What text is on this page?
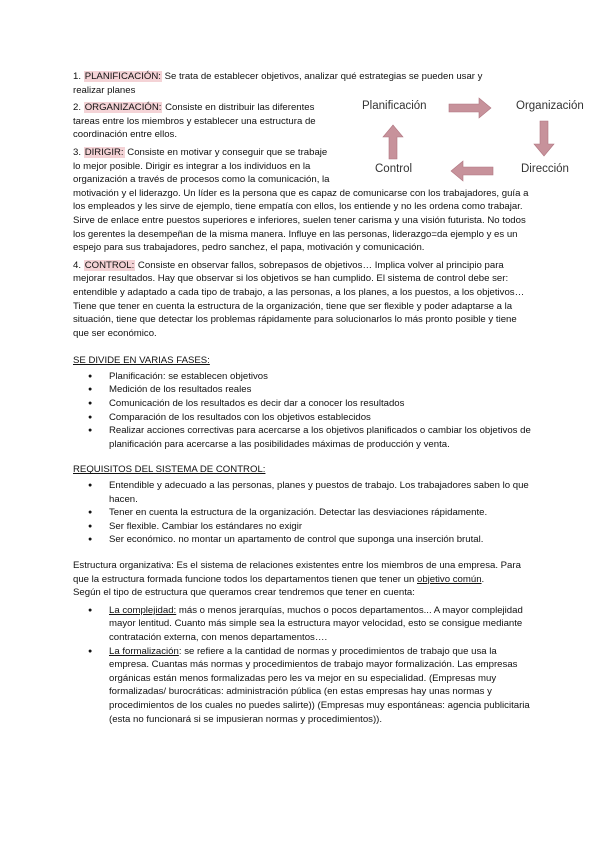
Planificación	Organización
Dirección
Control

1. PLANIFICACIÓN: Se trata de establecer objetivos, analizar qué estrategias se pueden usar y
realizar planes

2. ORGANIZACIÓN: Consiste en distribuir las diferentes
tareas entre los miembros y establecer una estructura de
coordinación entre ellos.

3. DIRIGIR: Consiste en motivar y conseguir que se trabaje
lo mejor posible. Dirigir es integrar a los individuos en la
organización a través de procesos como la comunicación, la
motivación y el liderazgo. Un líder es la persona que es capaz de comunicarse con los trabajadores, guía a los empleados y les sirve de ejemplo, tiene empatía con ellos, los entiende y no les ordena como trabajar. Sirve de enlace entre puestos superiores e inferiores, suelen tener carisma y una visión futurista. No todos los gerentes la desempeñan de la misma manera. Influye en las personas, liderazgo=da ejemplo y es un espejo para sus trabajadores, pedro sanchez, el papa, motivación y comunicación.

4. CONTROL: Consiste en observar fallos, sobrepasos de objetivos… Implica volver al principio para mejorar resultados. Hay que observar si los objetivos se han cumplido. El sistema de control debe ser: entendible y adaptado a cada tipo de trabajo, a las personas, a los planes, a los puestos, a los objetivos… Tiene que tener en cuenta la estructura de la organización, tiene que ser flexible y poder adaptarse a la situación, tiene que detectar los problemas rápidamente para solucionarlos lo más pronto posible y tiene que ser económico.

SE DIVIDE EN VARIAS FASES:

● Planificación: se establecen objetivos
● Medición de los resultados reales
● Comunicación de los resultados es decir dar a conocer los resultados
● Comparación de los resultados con los objetivos establecidos
● Realizar acciones correctivas para acercarse a los objetivos planificados o cambiar los objetivos de planificación para acercarse a las posibilidades máximas de producción y venta.

REQUISITOS DEL SISTEMA DE CONTROL:

● Entendible y adecuado a las personas, planes y puestos de trabajo. Los trabajadores saben lo que hacen.
● Tener en cuenta la estructura de la organización. Detectar las desviaciones rápidamente.
● Ser flexible. Cambiar los estándares no exigir
● Ser económico. no montar un apartamento de control que suponga una inserción brutal.

Estructura organizativa: Es el sistema de relaciones existentes entre los miembros de una empresa. Para que la estructura formada funcione todos los departamentos tienen que tener un objetivo común.
Según el tipo de estructura que queramos crear tendremos que tener en cuenta:

● La complejidad: más o menos jerarquías, muchos o pocos departamentos... A mayor complejidad mayor lentitud. Cuanto más simple sea la estructura mayor velocidad, esto se consigue mediante contratación externa, con menos departamentos….
● La formalización: se refiere a la cantidad de normas y procedimientos de trabajo que usa la empresa. Cuantas más normas y procedimientos de trabajo mayor formalización. Las empresas orgánicas están menos formalizadas pero les va mejor en su especialidad. (Empresas muy formalizadas/ burocráticas: administración pública (en estas empresas hay unas normas y procedimientos de los cuales no puedes salirte)) (Empresas muy espontáneas: agencia publicitaria (esta no funcionará si se impusieran normas y procedimientos)).
